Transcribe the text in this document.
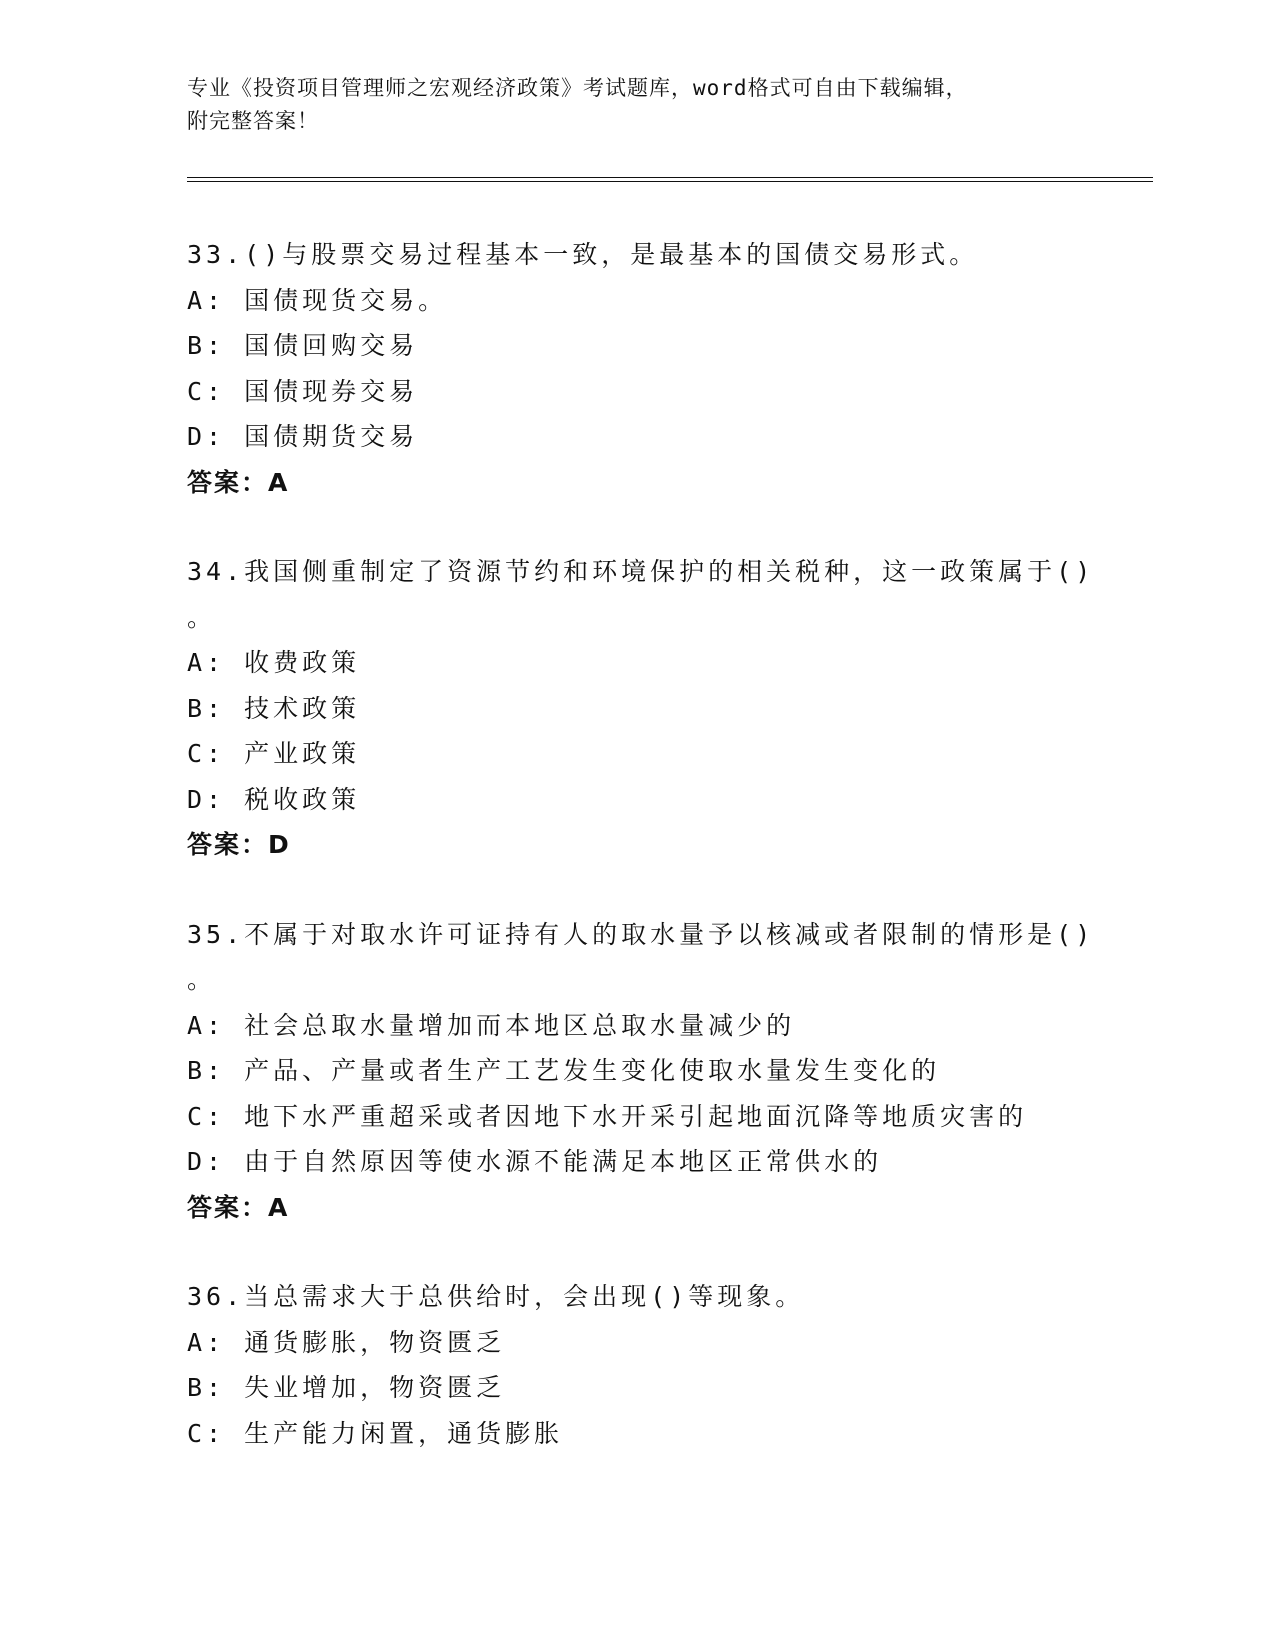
专业《投资项目管理师之宏观经济政策》考试题库，word格式可自由下载编辑，
附完整答案！
33.()与股票交易过程基本一致，是最基本的国债交易形式。
A: 国债现货交易。
B: 国债回购交易
C: 国债现券交易
D: 国债期货交易
答案：A
34.我国侧重制定了资源节约和环境保护的相关税种，这一政策属于()
。
A: 收费政策
B: 技术政策
C: 产业政策
D: 税收政策
答案：D
35.不属于对取水许可证持有人的取水量予以核减或者限制的情形是()
。
A: 社会总取水量增加而本地区总取水量减少的
B: 产品、产量或者生产工艺发生变化使取水量发生变化的
C: 地下水严重超采或者因地下水开采引起地面沉降等地质灾害的
D: 由于自然原因等使水源不能满足本地区正常供水的
答案：A
36.当总需求大于总供给时，会出现()等现象。
A: 通货膨胀，物资匮乏
B: 失业增加，物资匮乏
C: 生产能力闲置，通货膨胀
